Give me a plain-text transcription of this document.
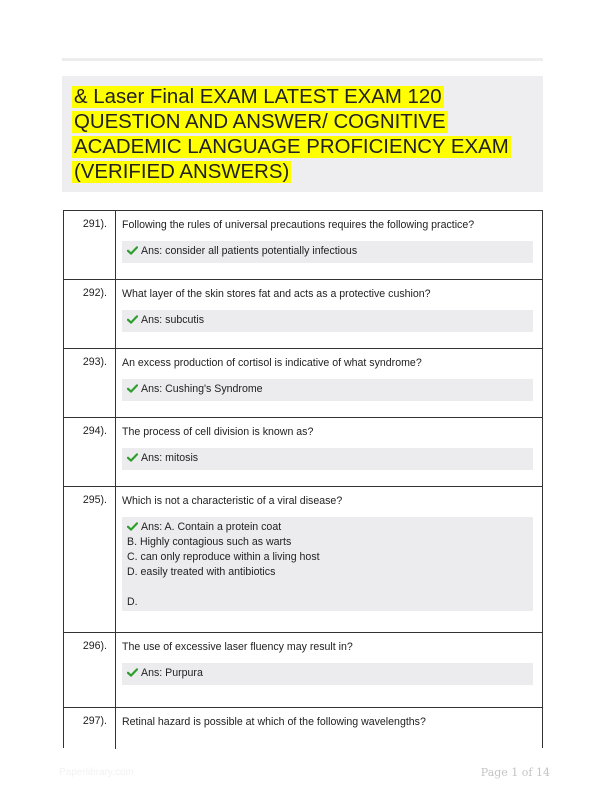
& Laser Final EXAM LATEST EXAM 120
QUESTION AND ANSWER/ COGNITIVE
ACADEMIC LANGUAGE PROFICIENCY EXAM
(VERIFIED ANSWERS)
291).	Following the rules of universal precautions requires the following practice?
Ans: consider all patients potentially infectious
292).	What layer of the skin stores fat and acts as a protective cushion?
Ans: subcutis
293).	An excess production of cortisol is indicative of what syndrome?
Ans: Cushing's Syndrome
294).	The process of cell division is known as?
Ans: mitosis
295).	Which is not a characteristic of a viral disease?
Ans: A. Contain a protein coat
B. Highly contagious such as warts
C. can only reproduce within a living host
D. easily treated with antibiotics
D.
296).	The use of excessive laser fluency may result in?
Ans: Purpura
297).	Retinal hazard is possible at which of the following wavelengths?
Paperlibrary.com	Page 1 of 14
